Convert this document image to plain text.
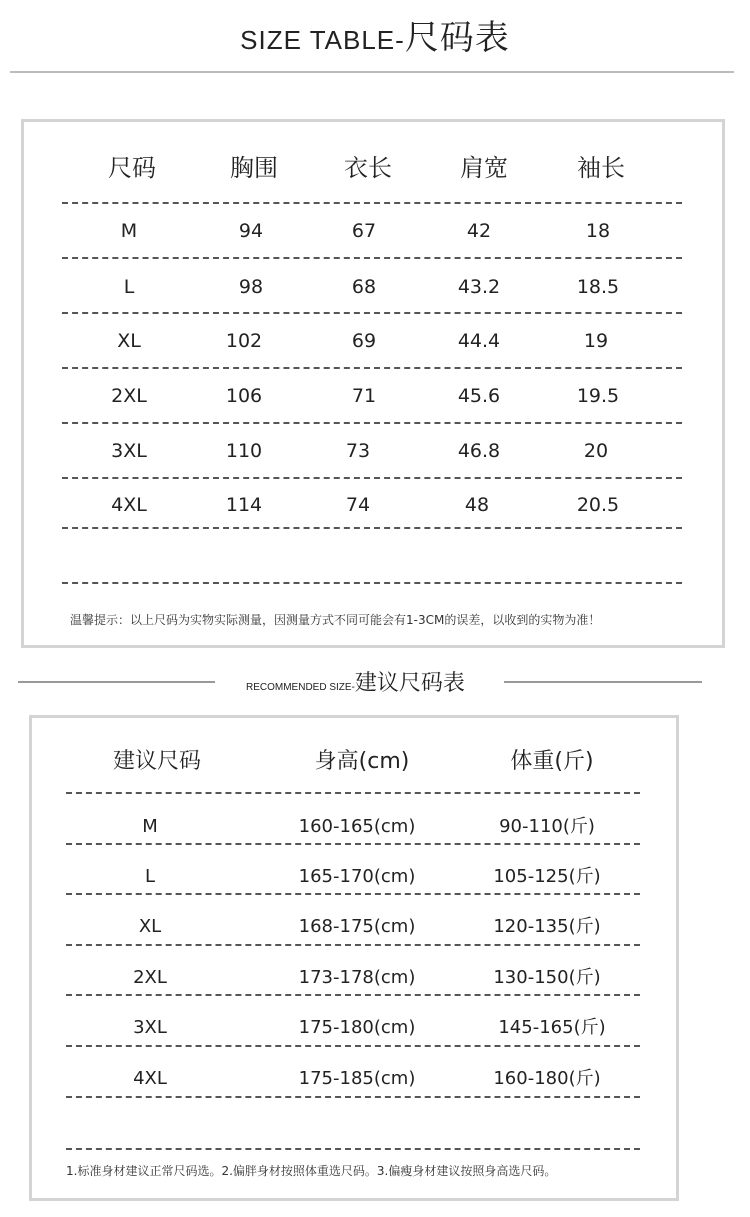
SIZE TABLE-尺码表
尺码	胸围	衣长	肩宽	袖长
M	94	67	42	18
L	98	68	43.2	18.5
XL	102	69	44.4	19
2XL	106	71	45.6	19.5
3XL	110	73	46.8	20
4XL	114	74	48	20.5
温馨提示：以上尺码为实物实际测量，因测量方式不同可能会有1-3CM的误差，以收到的实物为准！
RECOMMENDED SIZE-建议尺码表
建议尺码	身高(cm)	体重(斤)
M	160-165(cm)	90-110(斤)
L	165-170(cm)	105-125(斤)
XL	168-175(cm)	120-135(斤)
2XL	173-178(cm)	130-150(斤)
3XL	175-180(cm)	145-165(斤)
4XL	175-185(cm)	160-180(斤)
1.标准身材建议正常尺码选。2.偏胖身材按照体重选尺码。3.偏瘦身材建议按照身高选尺码。
